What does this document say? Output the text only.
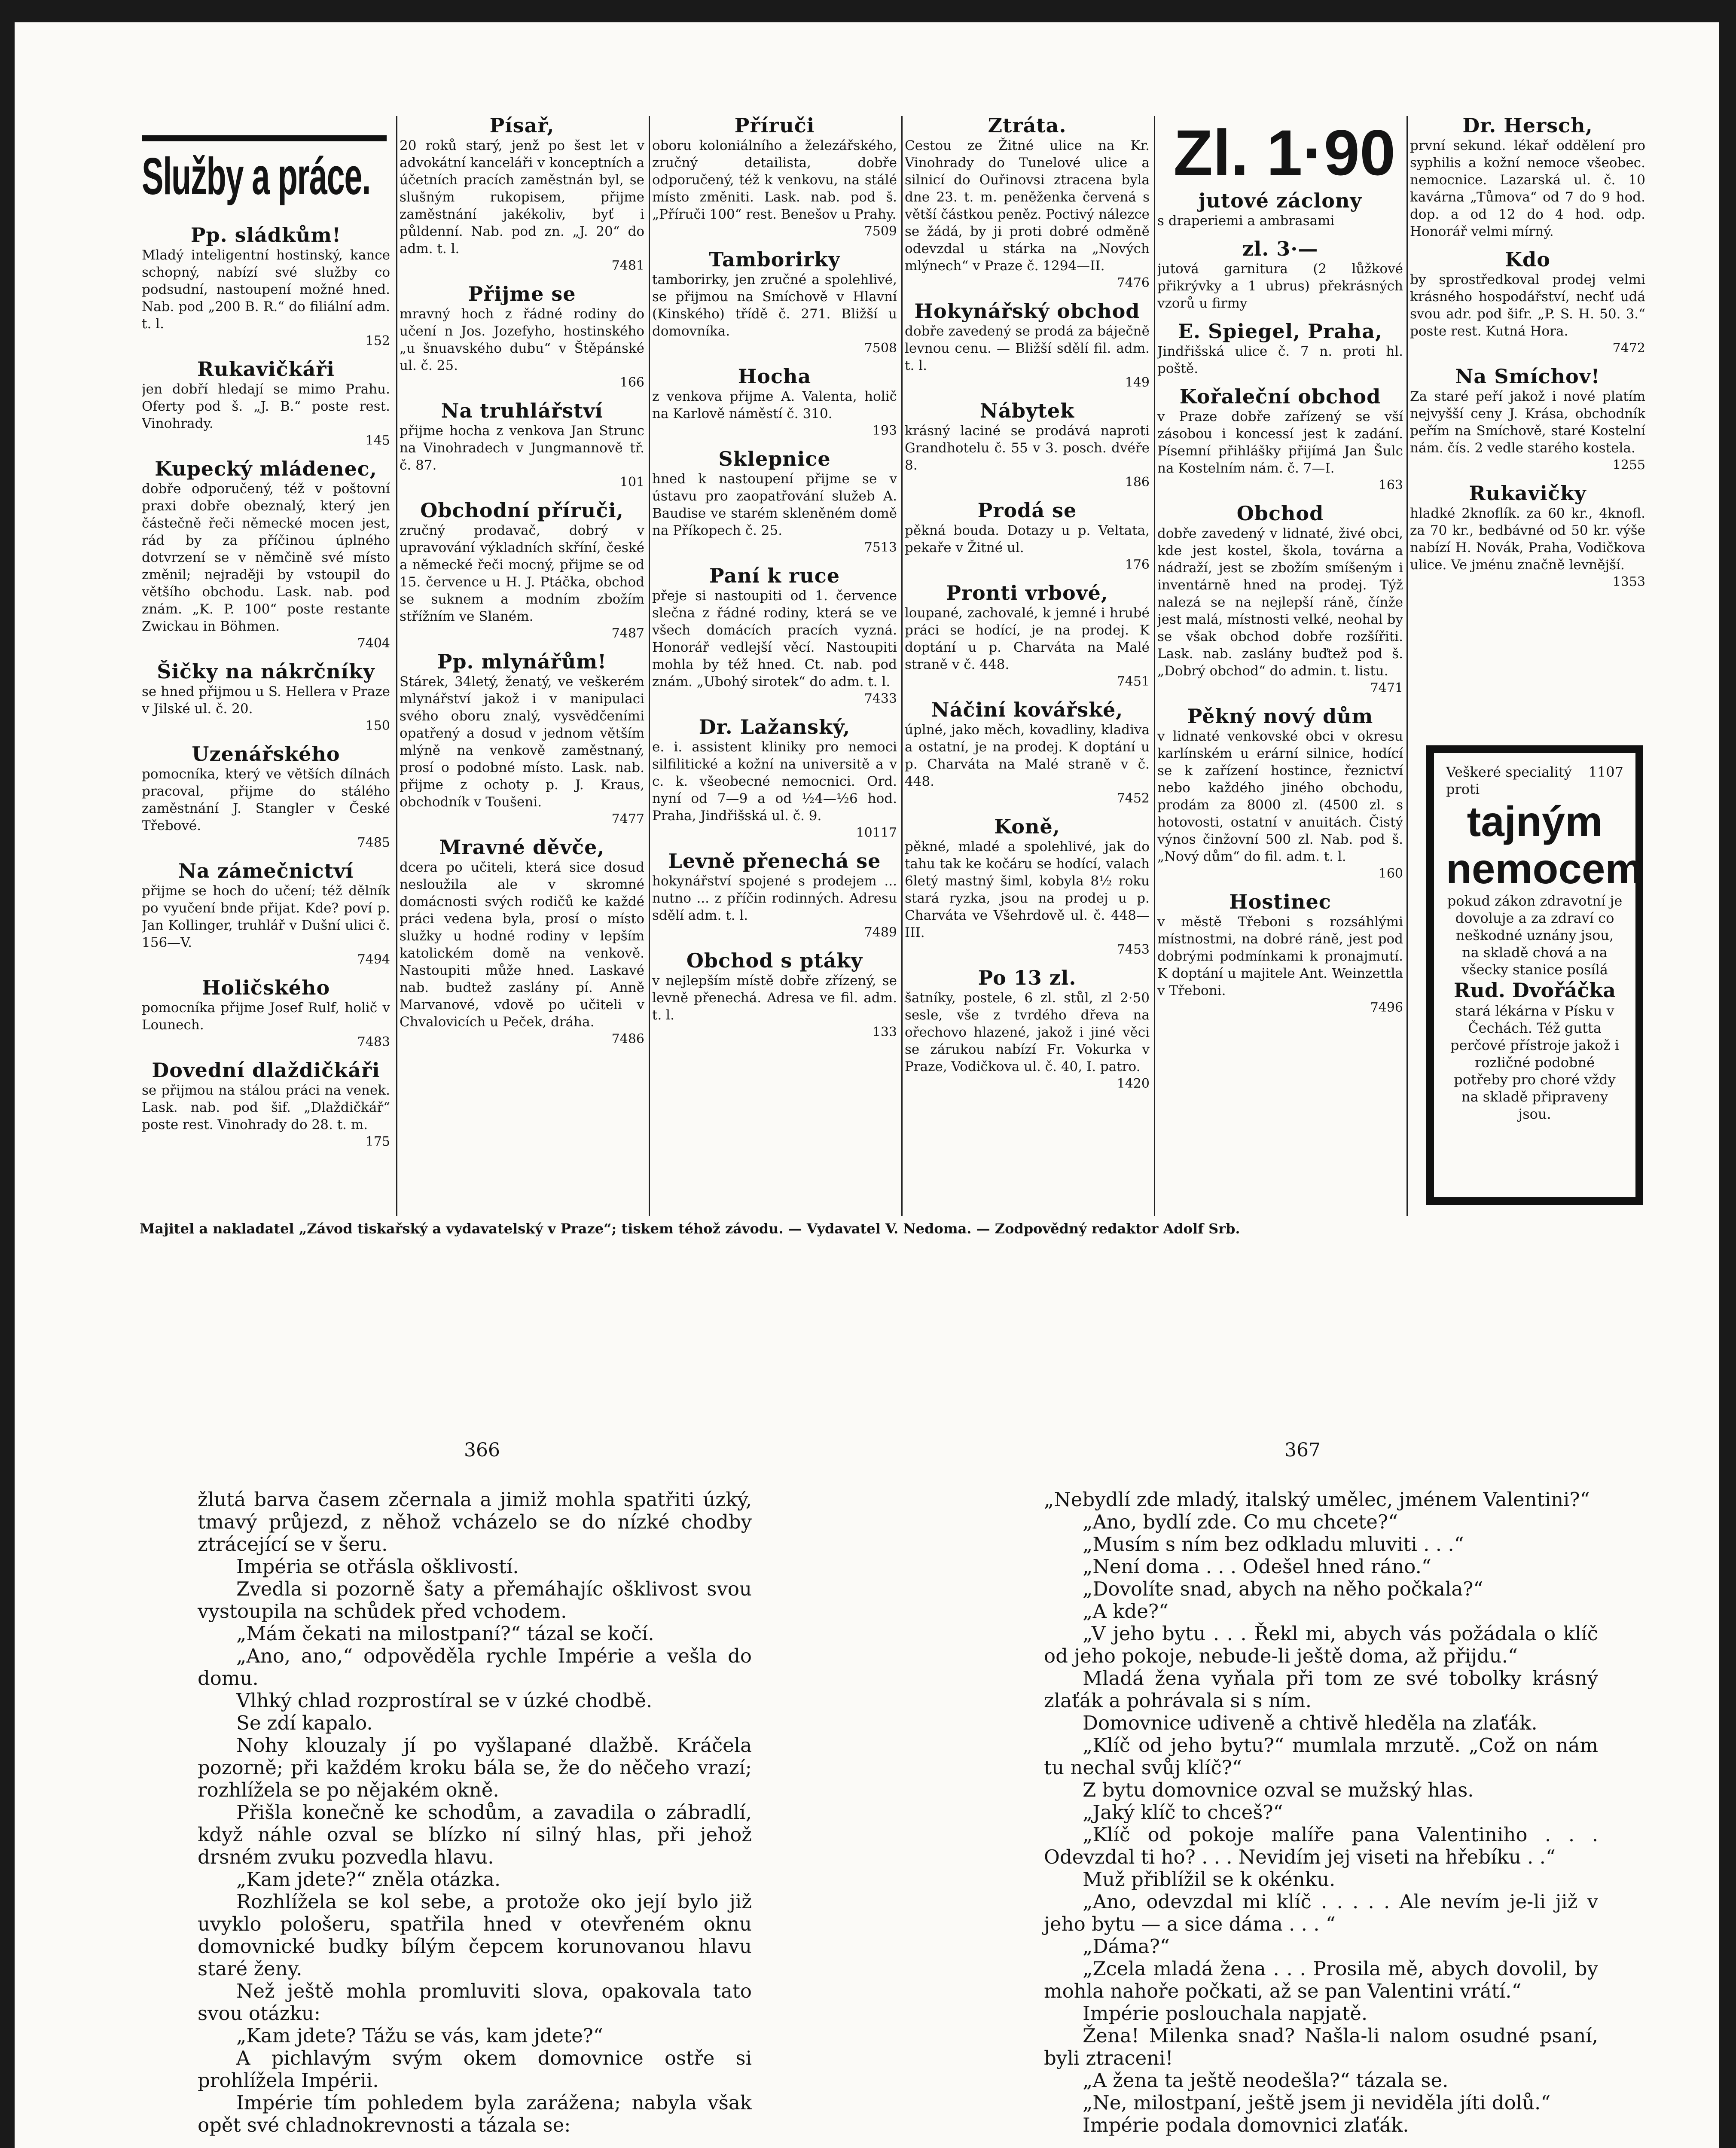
Služby a práce.
Pp. sládkům!
Mladý inteligentní hostinský, kance schopný, nabízí své služby co podsudní, nastoupení možné hned. Nab. pod „200 B. R.“ do filiální adm. t. l.
152
Rukavičkáři
jen dobří hledají se mimo Prahu. Oferty pod š. „J. B.“ poste rest. Vinohrady.
145
Kupecký mládenec,
dobře odporučený, též v poštovní praxi dobře obeznalý, který jen částečně řeči německé mocen jest, rád by za příčinou úplného dotvrzení se v němčině své místo změnil; nejraději by vstoupil do většího obchodu. Lask. nab. pod znám. „K. P. 100“ poste restante Zwickau in Böhmen.
7404
Šičky na nákrčníky
se hned přijmou u S. Hellera v Praze v Jilské ul. č. 20.
150
Uzenářského
pomocníka, který ve větších dílnách pracoval, přijme do stálého zaměstnání J. Stangler v České Třebové.
7485
Na zámečnictví
přijme se hoch do učení; též dělník po vyučení bnde přijat. Kde? poví p. Jan Kollinger, truhlář v Dušní ulici č. 156—V.
7494
Holičského
pomocníka přijme Josef Rulf, holič v Lounech.
7483
Dovední dlaždičkáři
se přijmou na stálou práci na venek. Lask. nab. pod šif. „Dlaždičkář“ poste rest. Vinohrady do 28. t. m.
175
Písař,
20 roků starý, jenž po šest let v advokátní kanceláři v konceptních a účetních pracích zaměstnán byl, se slušným rukopisem, přijme zaměstnání jakékoliv, byť i půldenní. Nab. pod zn. „J. 20“ do adm. t. l.
7481
Přijme se
mravný hoch z řádné rodiny do učení n Jos. Jozefyho, hostinského „u šnuavského dubu“ v Štěpánské ul. č. 25.
166
Na truhlářství
přijme hocha z venkova Jan Strunc na Vinohradech v Jungmannově tř. č. 87.
101
Obchodní příruči,
zručný prodavač, dobrý v upravování výkladních skříní, české a německé řeči mocný, přijme se od 15. července u H. J. Ptáčka, obchod se suknem a modním zbožím střížním ve Slaném.
7487
Pp. mlynářům!
Stárek, 34letý, ženatý, ve veškerém mlynářství jakož i v manipulaci svého oboru znalý, vysvědčeními opatřený a dosud v jednom větším mlýně na venkově zaměstnaný, prosí o podobné místo. Lask. nab. přijme z ochoty p. J. Kraus, obchodník v Toušeni.
7477
Mravné děvče,
dcera po učiteli, která sice dosud nesloužila ale v skromné domácnosti svých rodičů ke každé práci vedena byla, prosí o místo služky u hodné rodiny v lepším katolickém domě na venkově. Nastoupiti může hned. Laskavé nab. budtež zaslány pí. Anně Marvanové, vdově po učiteli v Chvalovicích u Peček, dráha.
7486
Příruči
oboru koloniálního a železářského, zručný detailista, dobře odporučený, též k venkovu, na stálé místo změniti. Lask. nab. pod š. „Příruči 100“ rest. Benešov u Prahy.
7509
Tamborirky
tamborirky, jen zručné a spolehlivé, se přijmou na Smíchově v Hlavní (Kinského) třídě č. 271. Bližší u domovníka.
7508
Hocha
z venkova přijme A. Valenta, holič na Karlově náměstí č. 310.
193
Sklepnice
hned k nastoupení přijme se v ústavu pro zaopatřování služeb A. Baudise ve starém skleněném domě na Příkopech č. 25.
7513
Paní k ruce
přeje si nastoupiti od 1. července slečna z řádné rodiny, která se ve všech domácích pracích vyzná. Honorář vedlejší věcí. Nastoupiti mohla by též hned. Ct. nab. pod znám. „Ubohý sirotek“ do adm. t. l.
7433
Dr. Lažanský,
e. i. assistent kliniky pro nemoci silfilitické a kožní na universitě a v c. k. všeobecné nemocnici. Ord. nyní od 7—9 a od ½4—½6 hod. Praha, Jindřišská ul. č. 9.
10117
Levně přenechá se
hokynářství spojené s prodejem ... nutno ... z příčin rodinných. Adresu sdělí adm. t. l.
7489
Obchod s ptáky
v nejlepším místě dobře zřízený, se levně přenechá. Adresa ve fil. adm. t. l.
133
Ztráta.
Cestou ze Žitné ulice na Kr. Vinohrady do Tunelové ulice a silnicí do Ouřinovsi ztracena byla dne 23. t. m. peněženka červená s větší částkou peněz. Poctivý nálezce se žádá, by ji proti dobré odměně odevzdal u stárka na „Nových mlýnech“ v Praze č. 1294—II.
7476
Hokynářský obchod
dobře zavedený se prodá za báječně levnou cenu. — Bližší sdělí fil. adm. t. l.
149
Nábytek
krásný laciné se prodává naproti Grandhotelu č. 55 v 3. posch. dvéře 8.
186
Prodá se
pěkná bouda. Dotazy u p. Veltata, pekaře v Žitné ul.
176
Pronti vrbové,
loupané, zachovalé, k jemné i hrubé práci se hodící, je na prodej. K doptání u p. Charváta na Malé straně v č. 448.
7451
Náčiní kovářské,
úplné, jako měch, kovadliny, kladiva a ostatní, je na prodej. K doptání u p. Charváta na Malé straně v č. 448.
7452
Koně,
pěkné, mladé a spolehlivé, jak do tahu tak ke kočáru se hodící, valach 6letý mastný šiml, kobyla 8½ roku stará ryzka, jsou na prodej u p. Charváta ve Všehrdově ul. č. 448—III.
7453
Po 13 zl.
šatníky, postele, 6 zl. stůl, zl 2·50 sesle, vše z tvrdého dřeva na ořechovo hlazené, jakož i jiné věci se zárukou nabízí Fr. Vokurka v Praze, Vodičkova ul. č. 40, I. patro.
1420
Zl. 1·90
jutové záclony
s draperiemi a ambrasami
zl. 3·—
jutová garnitura (2 lůžkové přikrývky a 1 ubrus) překrásných vzorů u firmy
E. Spiegel, Praha,
Jindřišská ulice č. 7 n. proti hl. poště.
Kořaleční obchod
v Praze dobře zařízený se vší zásobou i koncessí jest k zadání. Písemní přihlášky přijímá Jan Šulc na Kostelním nám. č. 7—I.
163
Obchod
dobře zavedený v lidnaté, živé obci, kde jest kostel, škola, továrna a nádraží, jest se zbožím smíšeným i inventárně hned na prodej. Týž nalezá se na nejlepší ráně, čínže jest malá, místnosti velké, neohal by se však obchod dobře rozšířiti. Lask. nab. zaslány buďtež pod š. „Dobrý obchod“ do admin. t. listu.
7471
Pěkný nový dům
v lidnaté venkovské obci v okresu karlínském u erární silnice, hodící se k zařízení hostince, řeznictví nebo každého jiného obchodu, prodám za 8000 zl. (4500 zl. s hotovosti, ostatní v anuitách. Čistý výnos činžovní 500 zl. Nab. pod š. „Nový dům“ do fil. adm. t. l.
160
Hostinec
v městě Třeboni s rozsáhlými místnostmi, na dobré ráně, jest pod dobrými podmínkami k pronajmutí. K doptání u majitele Ant. Weinzettla v Třeboni.
7496
Dr. Hersch,
první sekund. lékař oddělení pro syphilis a kožní nemoce všeobec. nemocnice. Lazarská ul. č. 10 kavárna „Tůmova“ od 7 do 9 hod. dop. a od 12 do 4 hod. odp. Honorář velmi mírný.
Kdo
by sprostředkoval prodej velmi krásného hospodářství, nechť udá svou adr. pod šifr. „P. S. H. 50. 3.“ poste rest. Kutná Hora.
7472
Na Smíchov!
Za staré peří jakož i nové platím nejvyšší ceny J. Krása, obchodník peřím na Smíchově, staré Kostelní nám. čís. 2 vedle starého kostela.
1255
Rukavičky
hladké 2knoflík. za 60 kr., 4knofl. za 70 kr., bedbávné od 50 kr. výše nabízí H. Novák, Praha, Vodičkova ulice. Ve jménu značně levnější.
1353
Veškeré specialitý proti
1107
tajným
nemocem
pokud zákon zdravotní je dovoluje a za zdraví co neškodné uznány jsou, na skladě chová a na všecky stanice posílá
Rud. Dvořáčka
stará lékárna v Písku v Čechách. Též gutta perčové přístroje jakož i rozličné podobné potřeby pro choré vždy na skladě připraveny jsou.
Majitel a nakladatel „Závod tiskařský a vydavatelský v Praze“; tiskem téhož závodu. — Vydavatel V. Nedoma. — Zodpovědný redaktor Adolf Srb.
366

žlutá barva časem zčernala a jimiž mohla spatřiti úzký, tmavý průjezd, z něhož vcházelo se do nízké chodby ztrácející se v šeru.

Impéria se otřásla ošklivostí.

Zvedla si pozorně šaty a přemáhajíc ošklivost svou vystoupila na schůdek před vchodem.

„Mám čekati na milostpaní?“ tázal se kočí.

„Ano, ano,“ odpověděla rychle Impérie a vešla do domu.

Vlhký chlad rozprostíral se v úzké chodbě.

Se zdí kapalo.

Nohy klouzaly jí po vyšlapané dlažbě. Kráčela pozorně; při každém kroku bála se, že do něčeho vrazí; rozhlížela se po nějakém okně.

Přišla konečně ke schodům, a zavadila o zábradlí, když náhle ozval se blízko ní silný hlas, při jehož drsném zvuku pozvedla hlavu.

„Kam jdete?“ zněla otázka.

Rozhlížela se kol sebe, a protože oko její bylo již uvyklo pološeru, spatřila hned v otevřeném oknu domovnické budky bílým čepcem korunovanou hlavu staré ženy.

Než ještě mohla promluviti slova, opakovala tato svou otázku:

„Kam jdete? Tážu se vás, kam jdete?“

A pichlavým svým okem domovnice ostře si prohlížela Impérii.

Impérie tím pohledem byla zarážena; nabyla však opět své chladnokrevnosti a tázala se:

367

„Nebydlí zde mladý, italský umělec, jménem Valentini?“

„Ano, bydlí zde. Co mu chcete?“

„Musím s ním bez odkladu mluviti . . .“

„Není doma . . . Odešel hned ráno.“

„Dovolíte snad, abych na něho počkala?“

„A kde?“

„V jeho bytu . . . Řekl mi, abych vás požádala o klíč od jeho pokoje, nebude-li ještě doma, až přijdu.“

Mladá žena vyňala při tom ze své tobolky krásný zlaťák a pohrávala si s ním.

Domovnice udiveně a chtivě hleděla na zlaťák.

„Klíč od jeho bytu?“ mumlala mrzutě. „Což on nám tu nechal svůj klíč?“

Z bytu domovnice ozval se mužský hlas.

„Jaký klíč to chceš?“

„Klíč od pokoje malíře pana Valentiniho . . . Odevzdal ti ho? . . . Nevidím jej viseti na hřebíku . .“

Muž přiblížil se k okénku.

„Ano, odevzdal mi klíč . . . . . Ale nevím je-li již v jeho bytu — a sice dáma . . . “

„Dáma?“

„Zcela mladá žena . . . Prosila mě, abych dovolil, by mohla nahoře počkati, až se pan Valentini vrátí.“

Impérie poslouchala napjatě.

Žena! Milenka snad? Našla-li nalom osudné psaní, byli ztraceni!

„A žena ta ještě neodešla?“ tázala se.

„Ne, milostpaní, ještě jsem ji neviděla jíti dolů.“

Impérie podala domovnici zlaťák.
